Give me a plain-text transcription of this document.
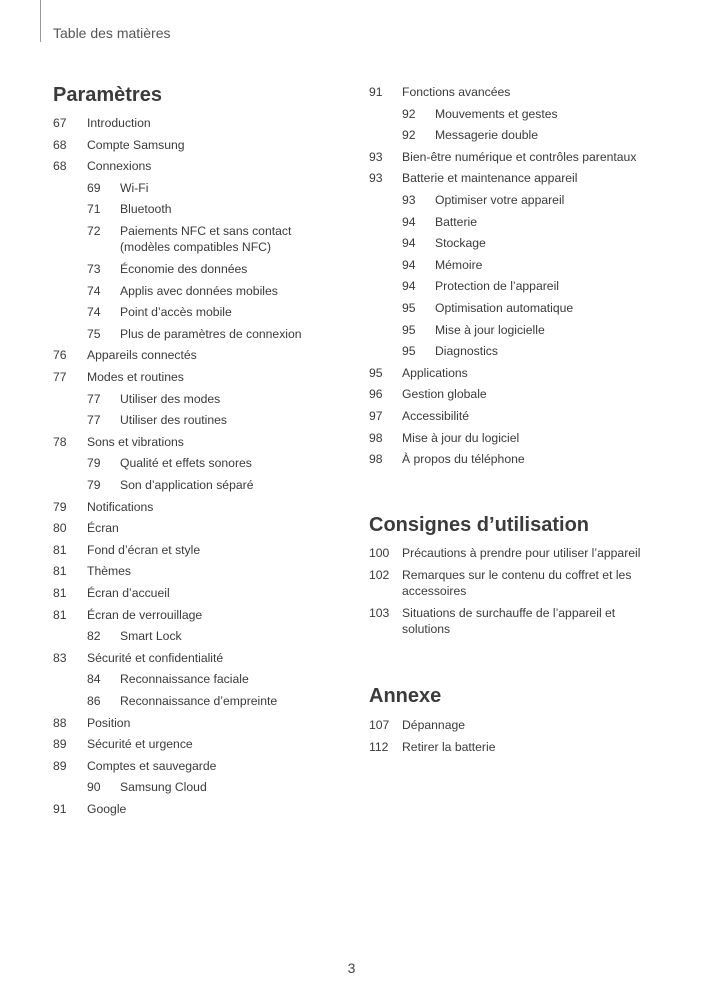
Table des matières
Paramètres
67 Introduction
68 Compte Samsung
68 Connexions
69 Wi-Fi
71 Bluetooth
72 Paiements NFC et sans contact (modèles compatibles NFC)
73 Économie des données
74 Applis avec données mobiles
74 Point d’accès mobile
75 Plus de paramètres de connexion
76 Appareils connectés
77 Modes et routines
77 Utiliser des modes
77 Utiliser des routines
78 Sons et vibrations
79 Qualité et effets sonores
79 Son d’application séparé
79 Notifications
80 Écran
81 Fond d’écran et style
81 Thèmes
81 Écran d’accueil
81 Écran de verrouillage
82 Smart Lock
83 Sécurité et confidentialité
84 Reconnaissance faciale
86 Reconnaissance d’empreinte
88 Position
89 Sécurité et urgence
89 Comptes et sauvegarde
90 Samsung Cloud
91 Google
91 Fonctions avancées
92 Mouvements et gestes
92 Messagerie double
93 Bien-être numérique et contrôles parentaux
93 Batterie et maintenance appareil
93 Optimiser votre appareil
94 Batterie
94 Stockage
94 Mémoire
94 Protection de l’appareil
95 Optimisation automatique
95 Mise à jour logicielle
95 Diagnostics
95 Applications
96 Gestion globale
97 Accessibilité
98 Mise à jour du logiciel
98 À propos du téléphone
Consignes d’utilisation
100 Précautions à prendre pour utiliser l’appareil
102 Remarques sur le contenu du coffret et les accessoires
103 Situations de surchauffe de l’appareil et solutions
Annexe
107 Dépannage
112 Retirer la batterie
3
